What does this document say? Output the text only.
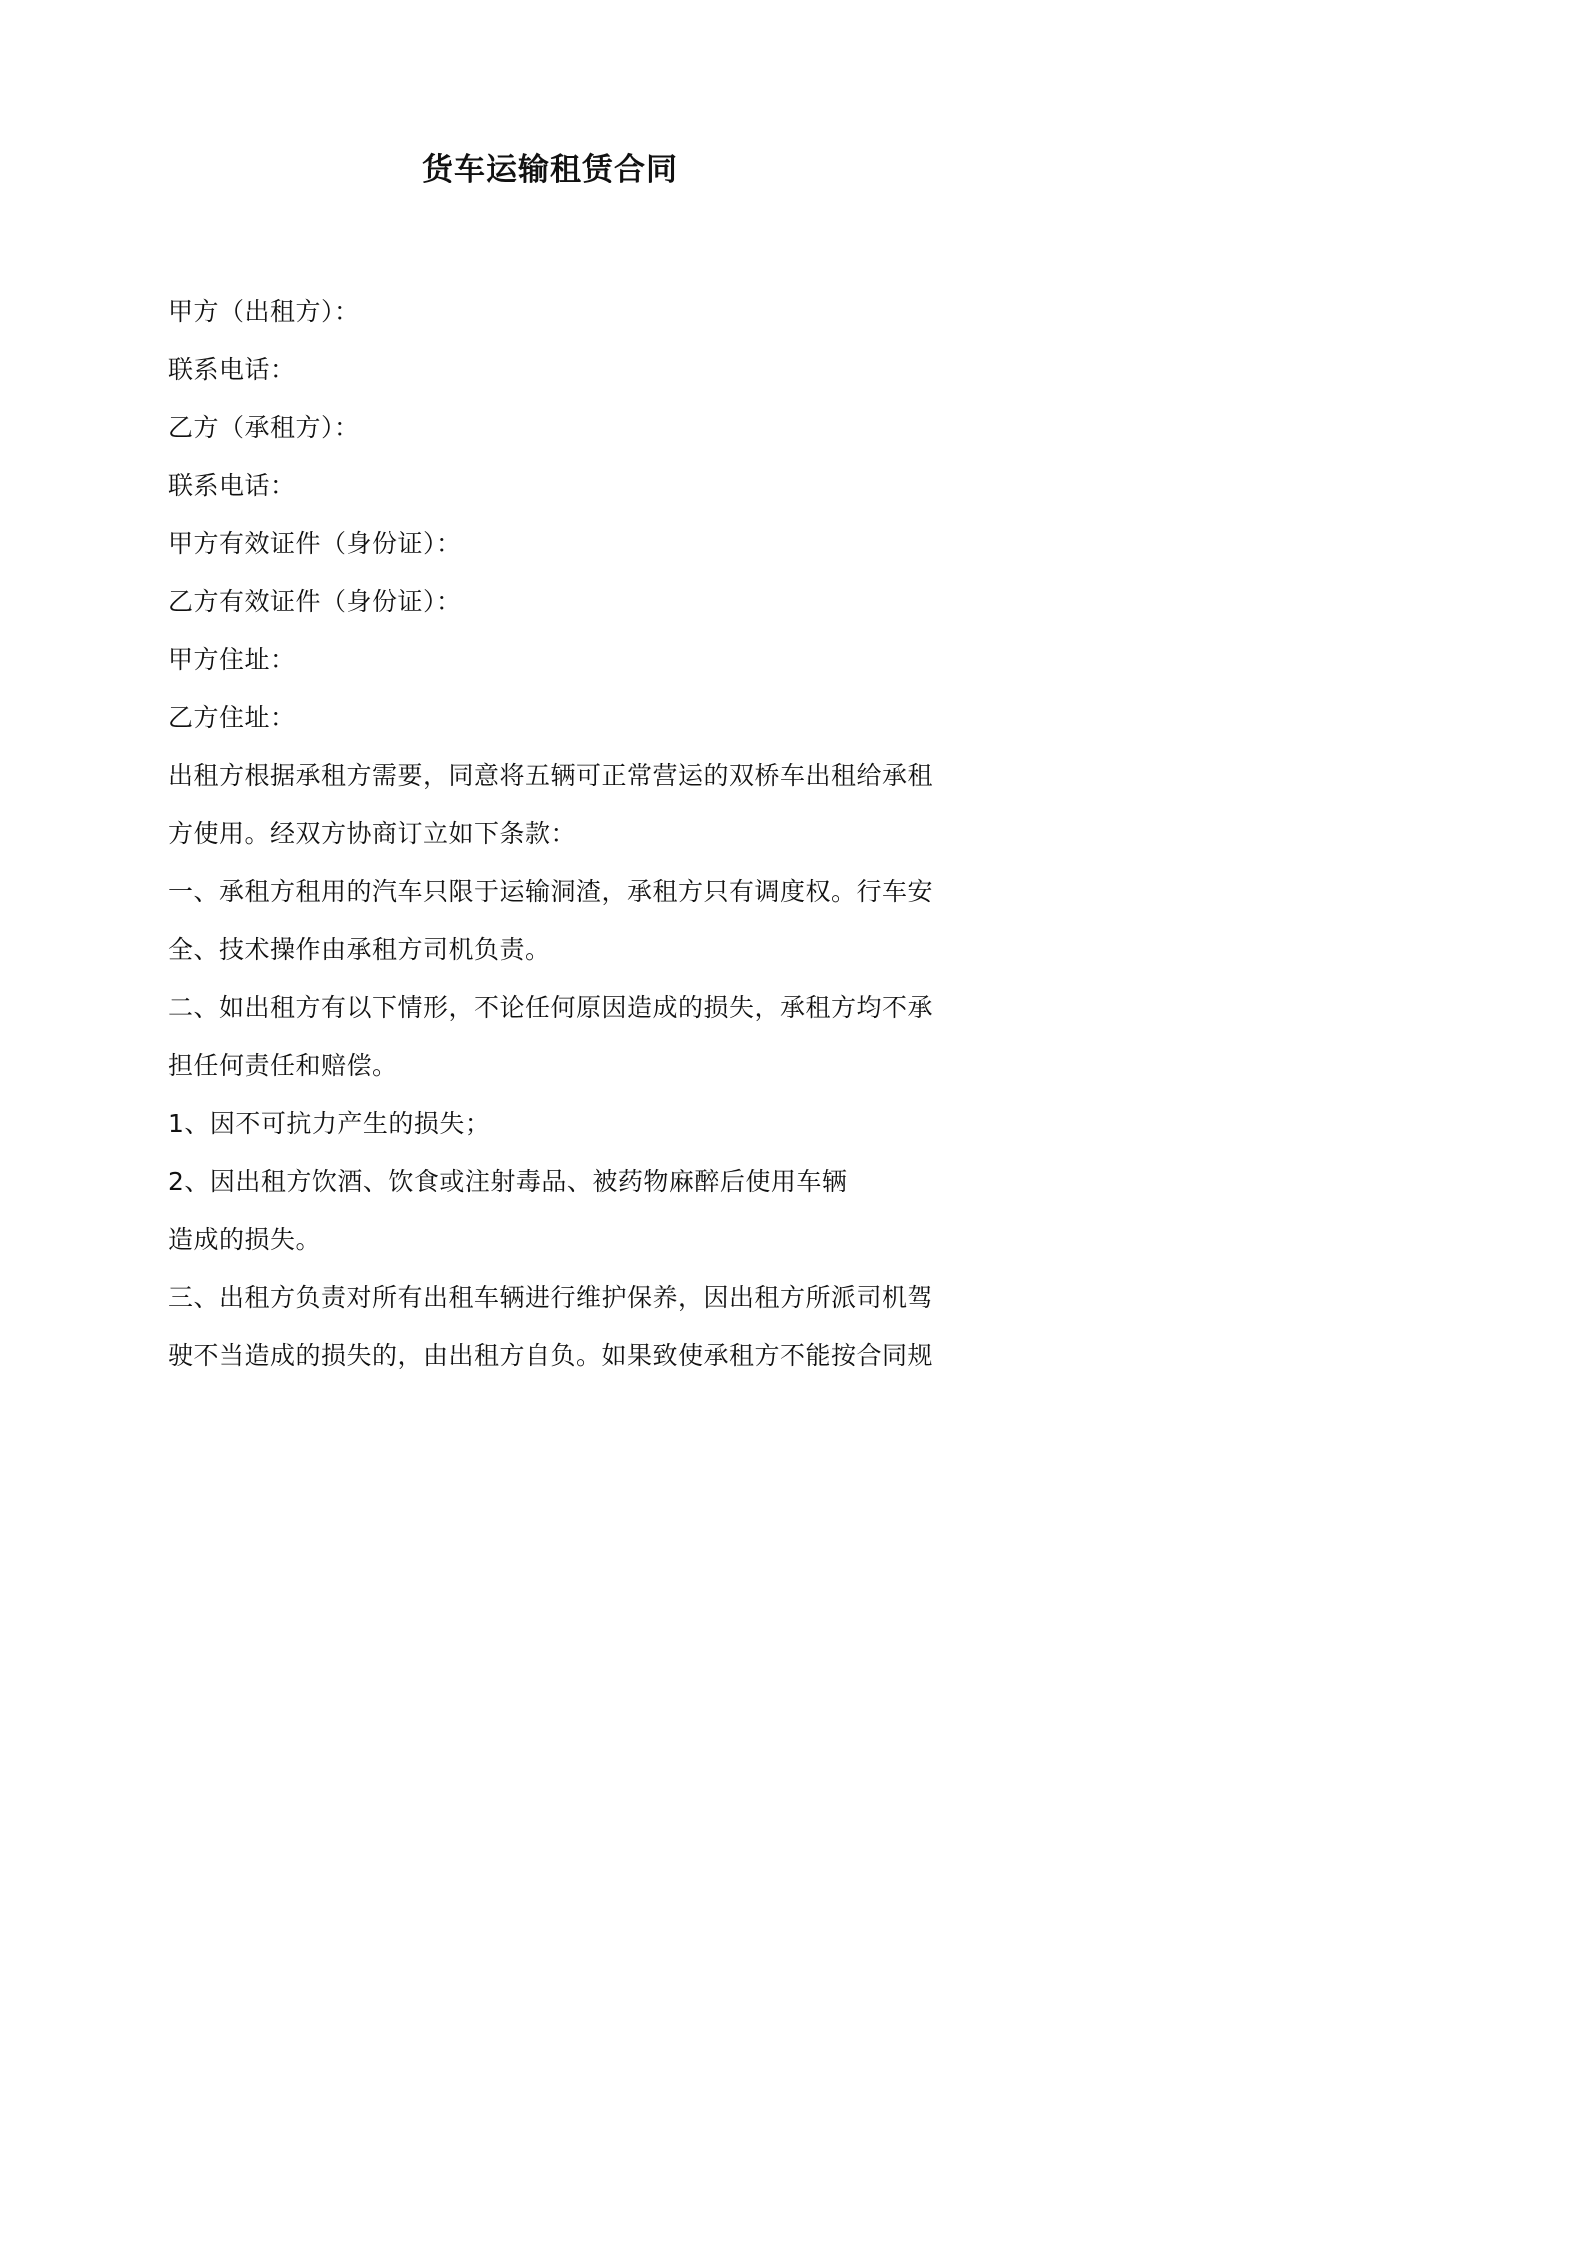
货车运输租赁合同
甲方（出租方）：
联系电话：
乙方（承租方）：
联系电话：
甲方有效证件（身份证）：
乙方有效证件（身份证）：
甲方住址：
乙方住址：
出租方根据承租方需要，同意将五辆可正常营运的双桥车出租给承租
方使用。经双方协商订立如下条款：
一、承租方租用的汽车只限于运输洞渣，承租方只有调度权。行车安
全、技术操作由承租方司机负责。
二、如出租方有以下情形，不论任何原因造成的损失，承租方均不承
担任何责任和赔偿。
1、因不可抗力产生的损失；
2、因出租方饮酒、饮食或注射毒品、被药物麻醉后使用车辆
造成的损失。
三、出租方负责对所有出租车辆进行维护保养，因出租方所派司机驾
驶不当造成的损失的，由出租方自负。如果致使承租方不能按合同规
